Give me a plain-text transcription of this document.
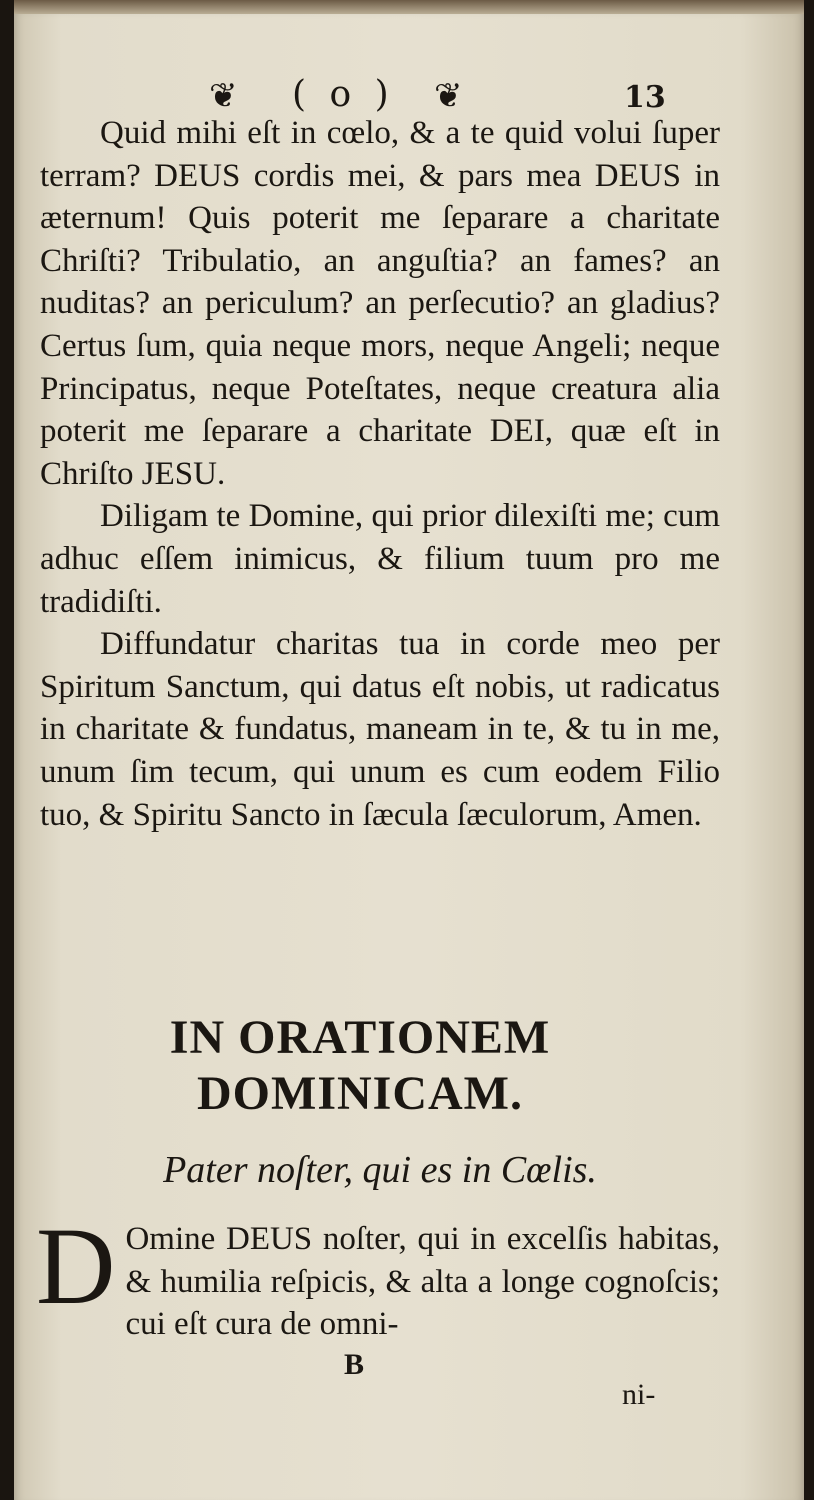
❦ ( o ) ❦	13

Quid mihi eſt in cœlo, & a te quid volui ſuper terram? DEUS cordis mei, & pars mea DEUS in æternum! Quis poterit me ſeparare a charitate Chriſti? Tribulatio, an anguſtia? an fames? an nuditas? an periculum? an perſecutio? an gladius? Certus ſum, quia neque mors, neque Angeli; neque Principatus, neque Poteſtates, neque creatura alia poterit me ſeparare a charitate DEI, quæ eſt in Chriſto JESU.

Diligam te Domine, qui prior dilexiſti me; cum adhuc eſſem inimicus, & filium tuum pro me tradidiſti.

Diffundatur charitas tua in corde meo per Spiritum Sanctum, qui datus eſt nobis, ut radicatus in charitate & fundatus, maneam in te, & tu in me, unum ſim tecum, qui unum es cum eodem Filio tuo, & Spiritu Sancto in ſæcula ſæculorum, Amen.

IN ORATIONEM DOMINICAM.

Pater noſter, qui es in Cœlis.

D Omine DEUS noſter, qui in excelſis habitas, & humilia reſpicis, & alta a longe cognoſcis; cui eſt cura de omni-

B
ni-
